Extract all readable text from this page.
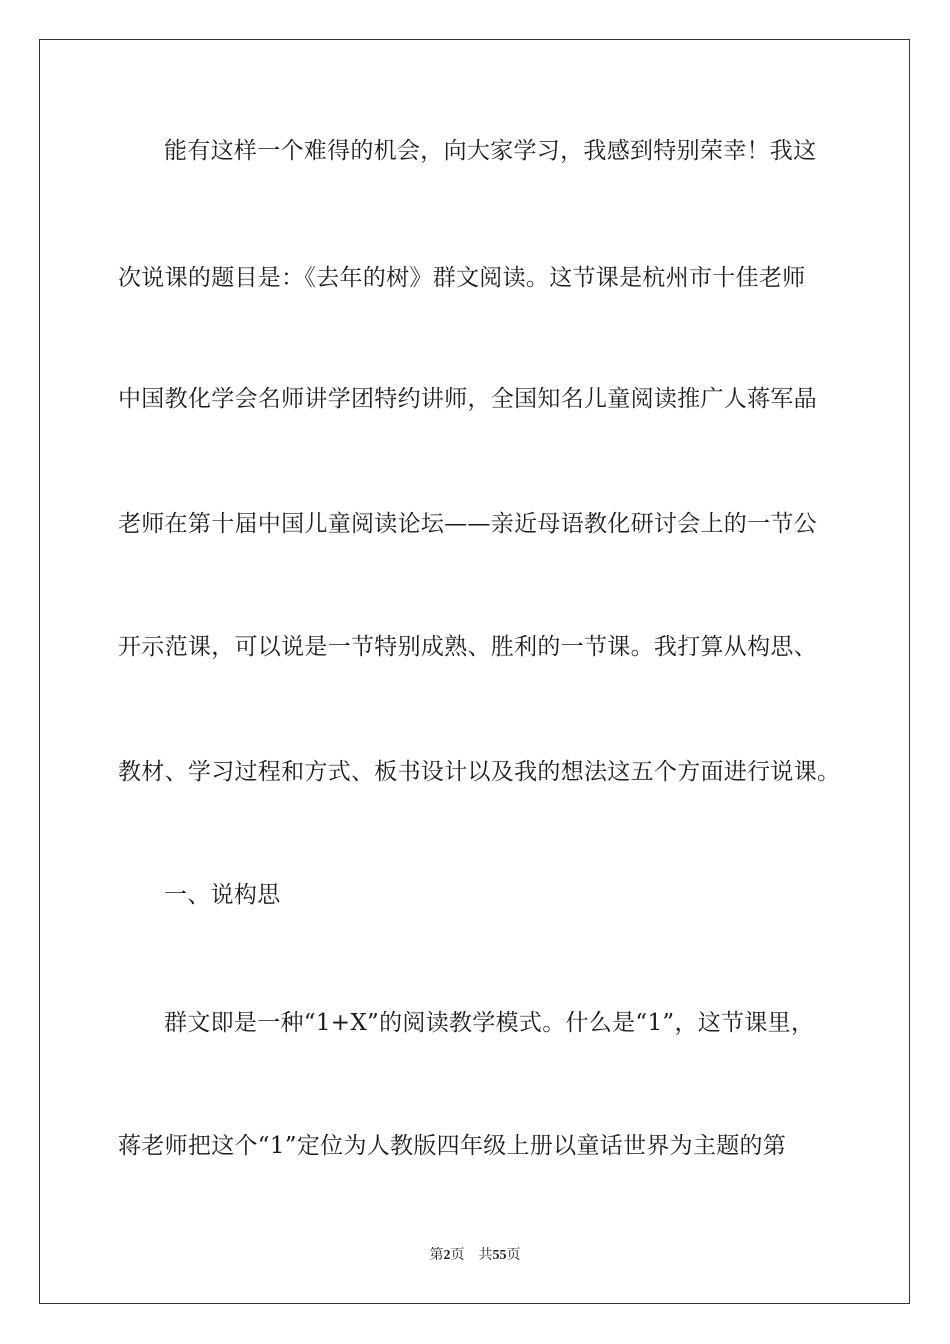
能有这样一个难得的机会，向大家学习，我感到特别荣幸！我这
次说课的题目是：《去年的树》群文阅读。这节课是杭州市十佳老师
中国教化学会名师讲学团特约讲师，全国知名儿童阅读推广人蒋军晶
老师在第十届中国儿童阅读论坛——亲近母语教化研讨会上的一节公
开示范课，可以说是一节特别成熟、胜利的一节课。我打算从构思、
教材、学习过程和方式、板书设计以及我的想法这五个方面进行说课。
一、说构思
群文即是一种“1+X”的阅读教学模式。什么是“1”，这节课里，
蒋老师把这个“1”定位为人教版四年级上册以童话世界为主题的第
第2页 共55页
